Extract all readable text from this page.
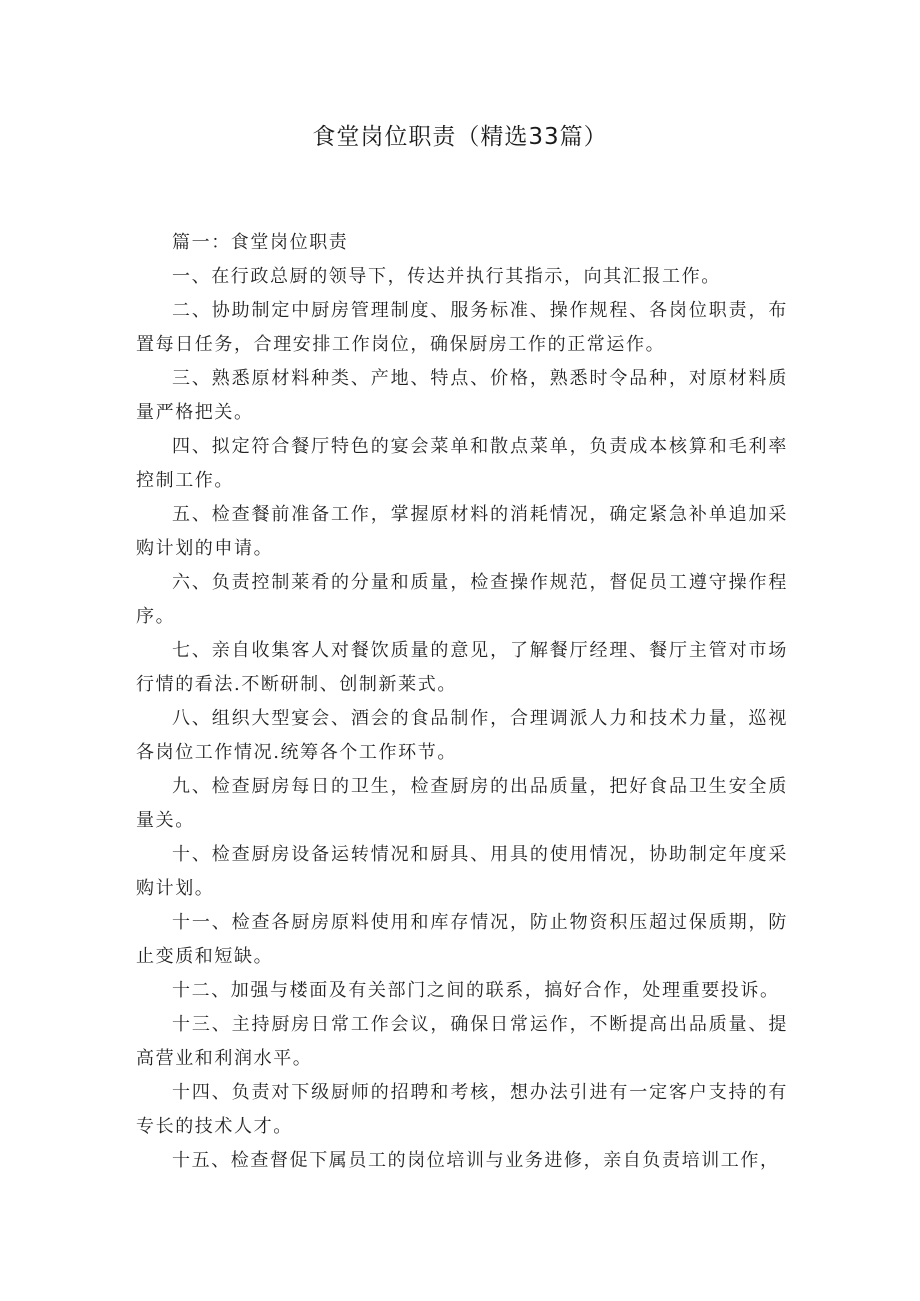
食堂岗位职责（精选33篇）
篇一：食堂岗位职责

一、在行政总厨的领导下，传达并执行其指示，向其汇报工作。

二、协助制定中厨房管理制度、服务标准、操作规程、各岗位职责，布置每日任务，合理安排工作岗位，确保厨房工作的正常运作。

三、熟悉原材料种类、产地、特点、价格，熟悉时令品种，对原材料质量严格把关。

四、拟定符合餐厅特色的宴会菜单和散点菜单，负责成本核算和毛利率控制工作。

五、检查餐前准备工作，掌握原材料的消耗情况，确定紧急补单追加采购计划的申请。

六、负责控制莱肴的分量和质量，检查操作规范，督促员工遵守操作程序。

七、亲自收集客人对餐饮质量的意见，了解餐厅经理、餐厅主管对市场行情的看法.不断研制、创制新莱式。

八、组织大型宴会、酒会的食品制作，合理调派人力和技术力量，巡视各岗位工作情况.统筹各个工作环节。

九、检查厨房每日的卫生，检查厨房的出品质量，把好食品卫生安全质量关。

十、检查厨房设备运转情况和厨具、用具的使用情况，协助制定年度采购计划。

十一、检查各厨房原料使用和库存情况，防止物资积压超过保质期，防止变质和短缺。

十二、加强与楼面及有关部门之间的联系，搞好合作，处理重要投诉。

十三、主持厨房日常工作会议，确保日常运作，不断提高出品质量、提高营业和利润水平。

十四、负责对下级厨师的招聘和考核，想办法引进有一定客户支持的有专长的技术人才。

十五、检查督促下属员工的岗位培训与业务进修，亲自负责培训工作，
